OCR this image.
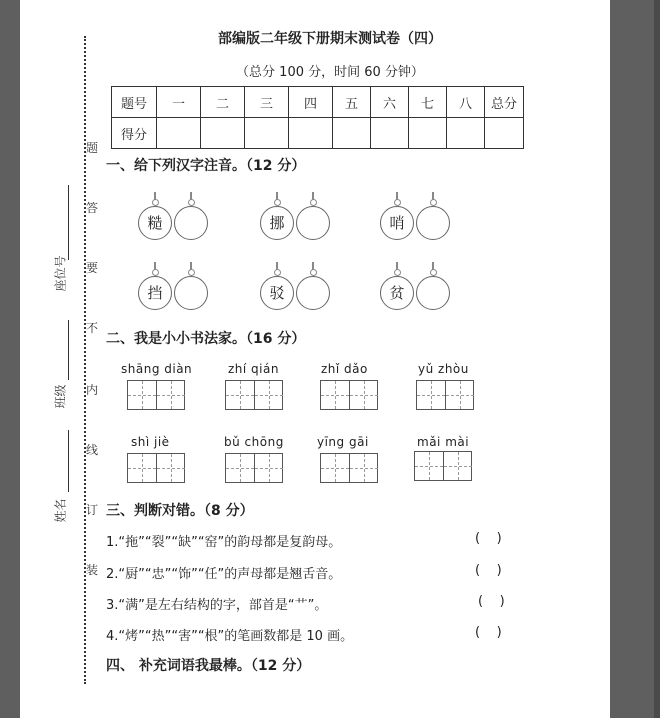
题
答
要
不
内
线
订
装
座位号
班级
姓名
部编版二年级下册期末测试卷（四）
（总分 100 分，时间 60 分钟）
题号	一	二	三	四	五	六	七	八	总分
得分									
一、给下列汉字注音。（12 分）
糙	挪	哨
挡	驳	贫
二、我是小小书法家。（16 分）
shāng diàn	zhí qián	zhǐ dǎo	yǔ zhòu
shì jiè	bǔ chōng	yīng gāi	mǎi mài
三、判断对错。（8 分）
1.“拖”“裂”“缺”“窑”的韵母都是复韵母。	(    )
2.“厨”“忠”“饰”“任”的声母都是翘舌音。	(    )
3.“满”是左右结构的字，部首是“艹”。	(    )
4.“烤”“热”“害”“根”的笔画数都是 10 画。	(    )
四、 补充词语我最棒。（12 分）
